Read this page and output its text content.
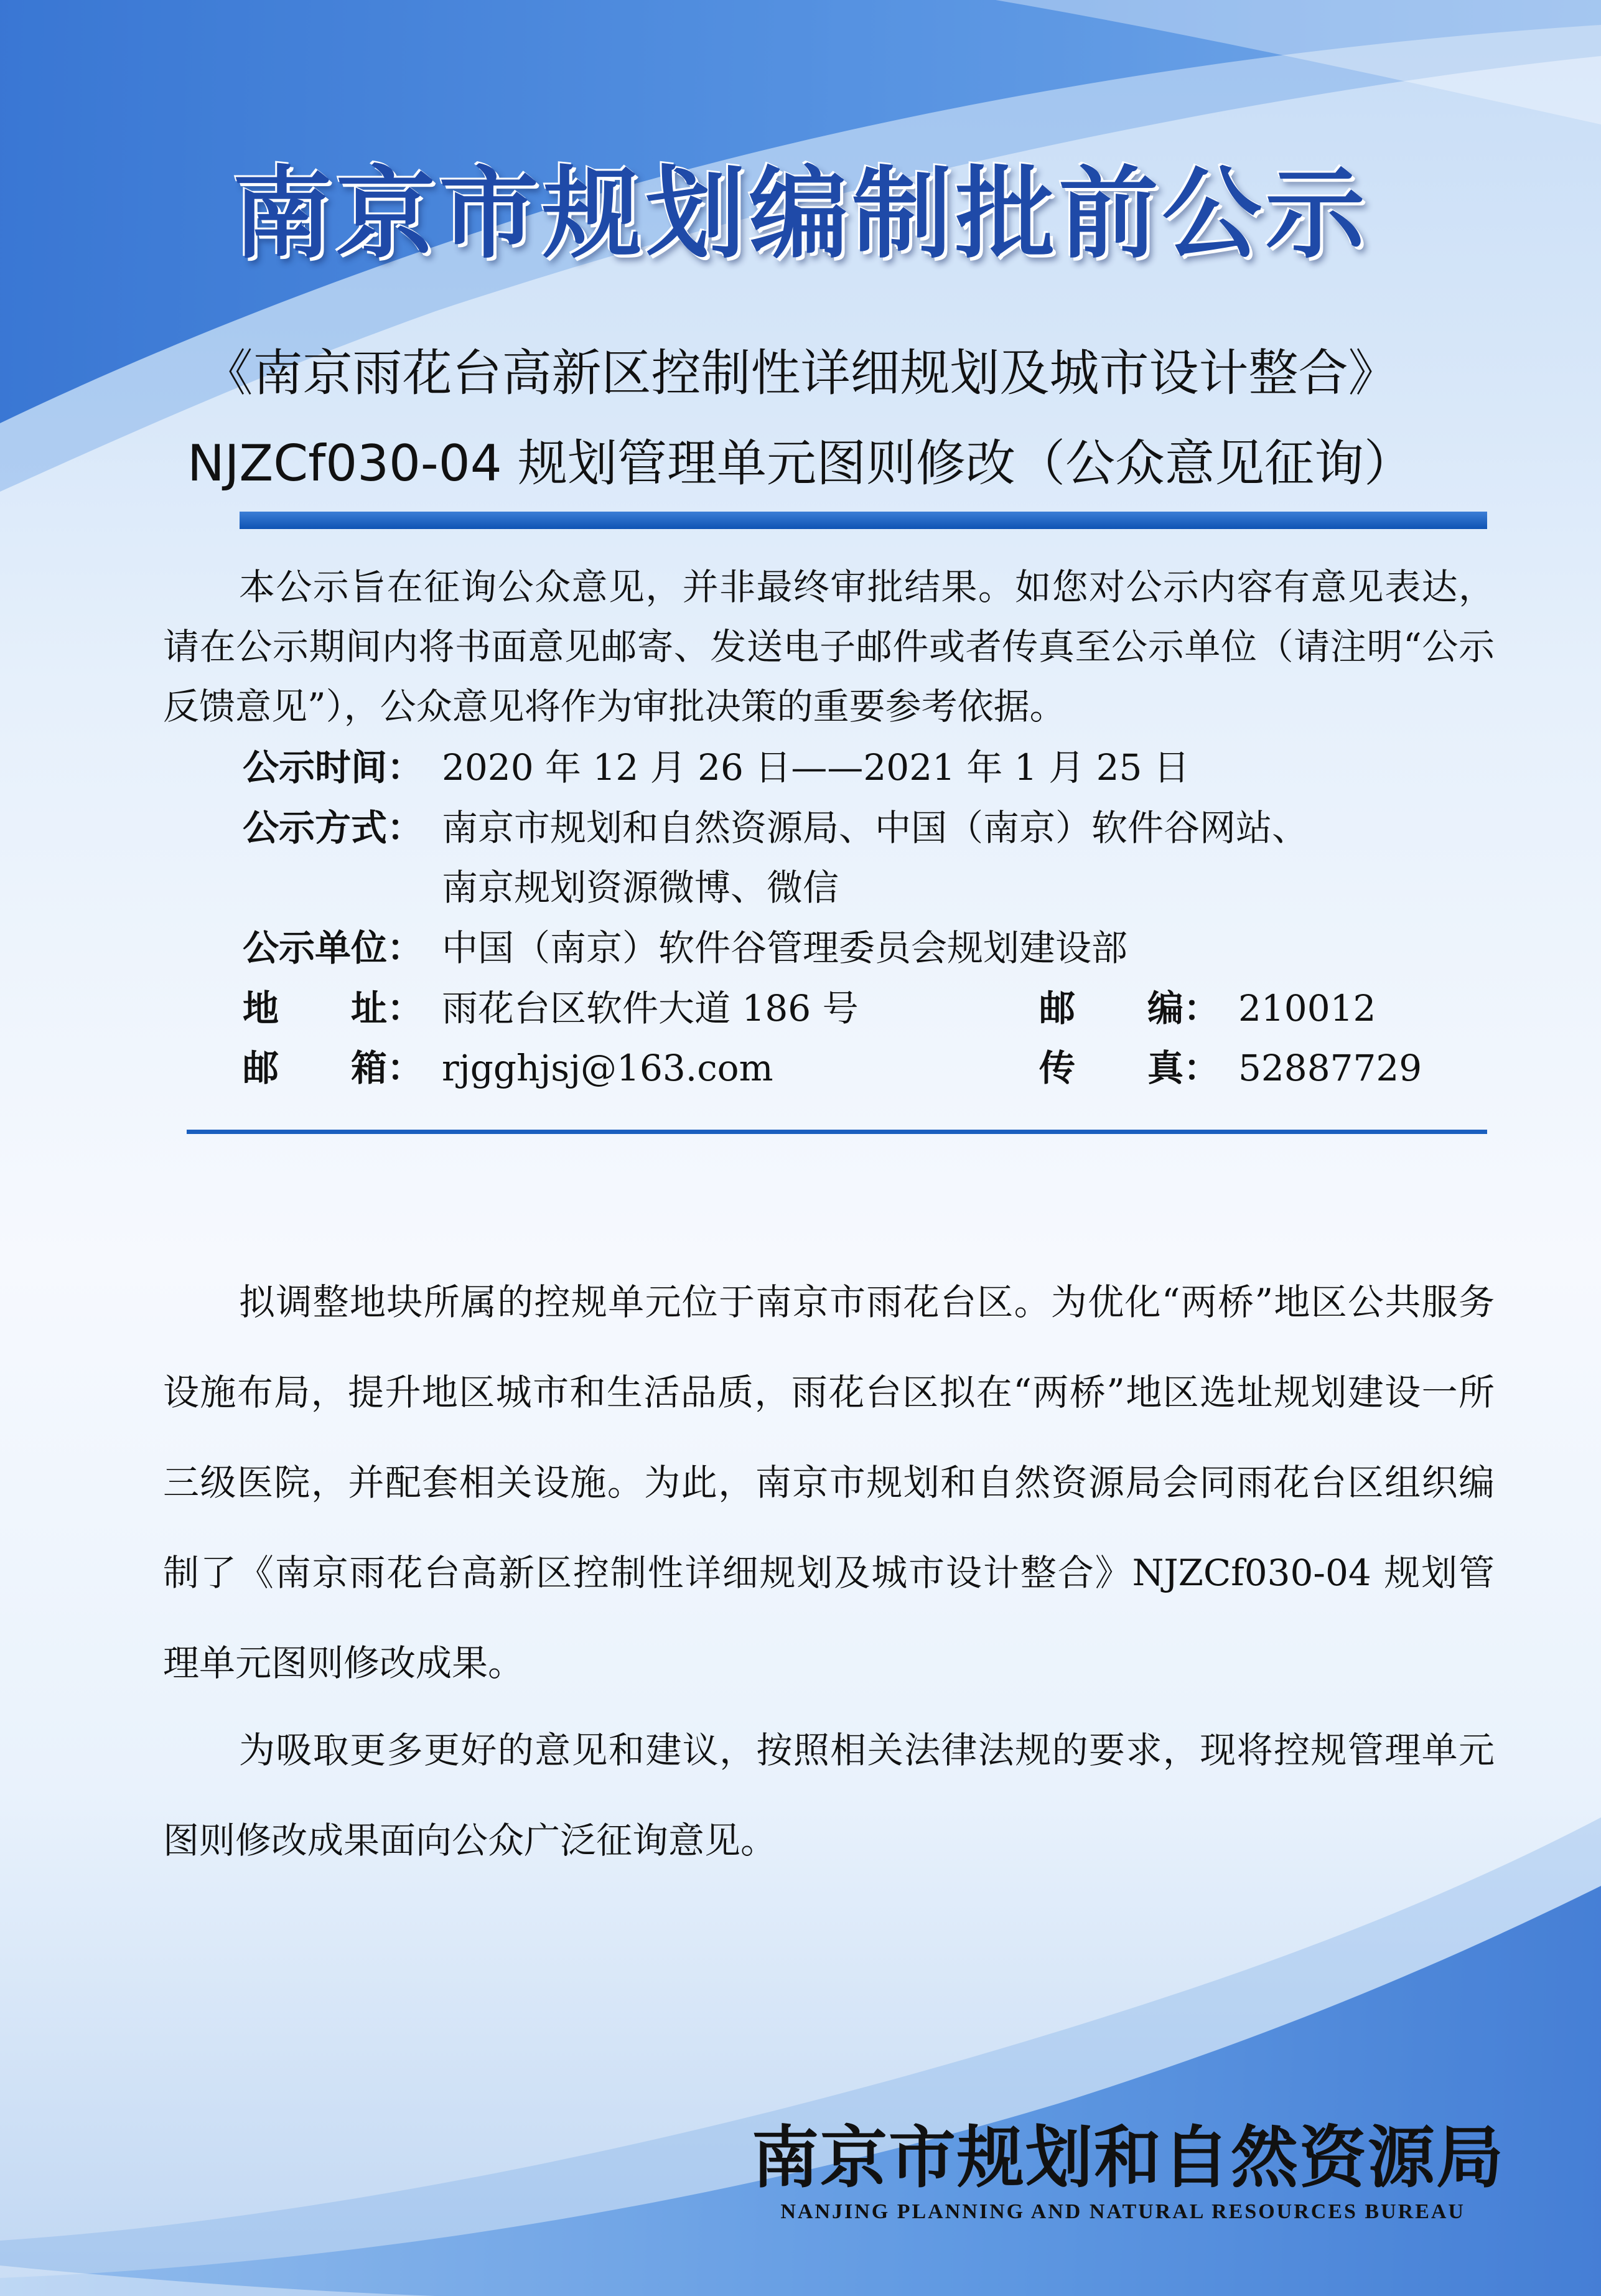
南京市规划编制批前公示

《南京雨花台高新区控制性详细规划及城市设计整合》

NJZCf030-04 规划管理单元图则修改（公众意见征询）

本公示旨在征询公众意见，并非最终审批结果。如您对公示内容有意见表达，请在公示期间内将书面意见邮寄、发送电子邮件或者传真至公示单位（请注明“公示反馈意见”），公众意见将作为审批决策的重要参考依据。

公示时间： 2020 年 12 月 26 日——2021 年 1 月 25 日
公示方式： 南京市规划和自然资源局、中国（南京）软件谷网站、
南京规划资源微博、微信
公示单位： 中国（南京）软件谷管理委员会规划建设部
地　　址： 雨花台区软件大道 186 号	邮　　编： 210012
邮　　箱： rjgghjsj@163.com	传　　真： 52887729

拟调整地块所属的控规单元位于南京市雨花台区。为优化“两桥”地区公共服务设施布局，提升地区城市和生活品质，雨花台区拟在“两桥”地区选址规划建设一所三级医院，并配套相关设施。为此，南京市规划和自然资源局会同雨花台区组织编制了《南京雨花台高新区控制性详细规划及城市设计整合》NJZCf030-04 规划管理单元图则修改成果。

为吸取更多更好的意见和建议，按照相关法律法规的要求，现将控规管理单元图则修改成果面向公众广泛征询意见。

南京市规划和自然资源局
NANJING PLANNING AND NATURAL RESOURCES BUREAU
